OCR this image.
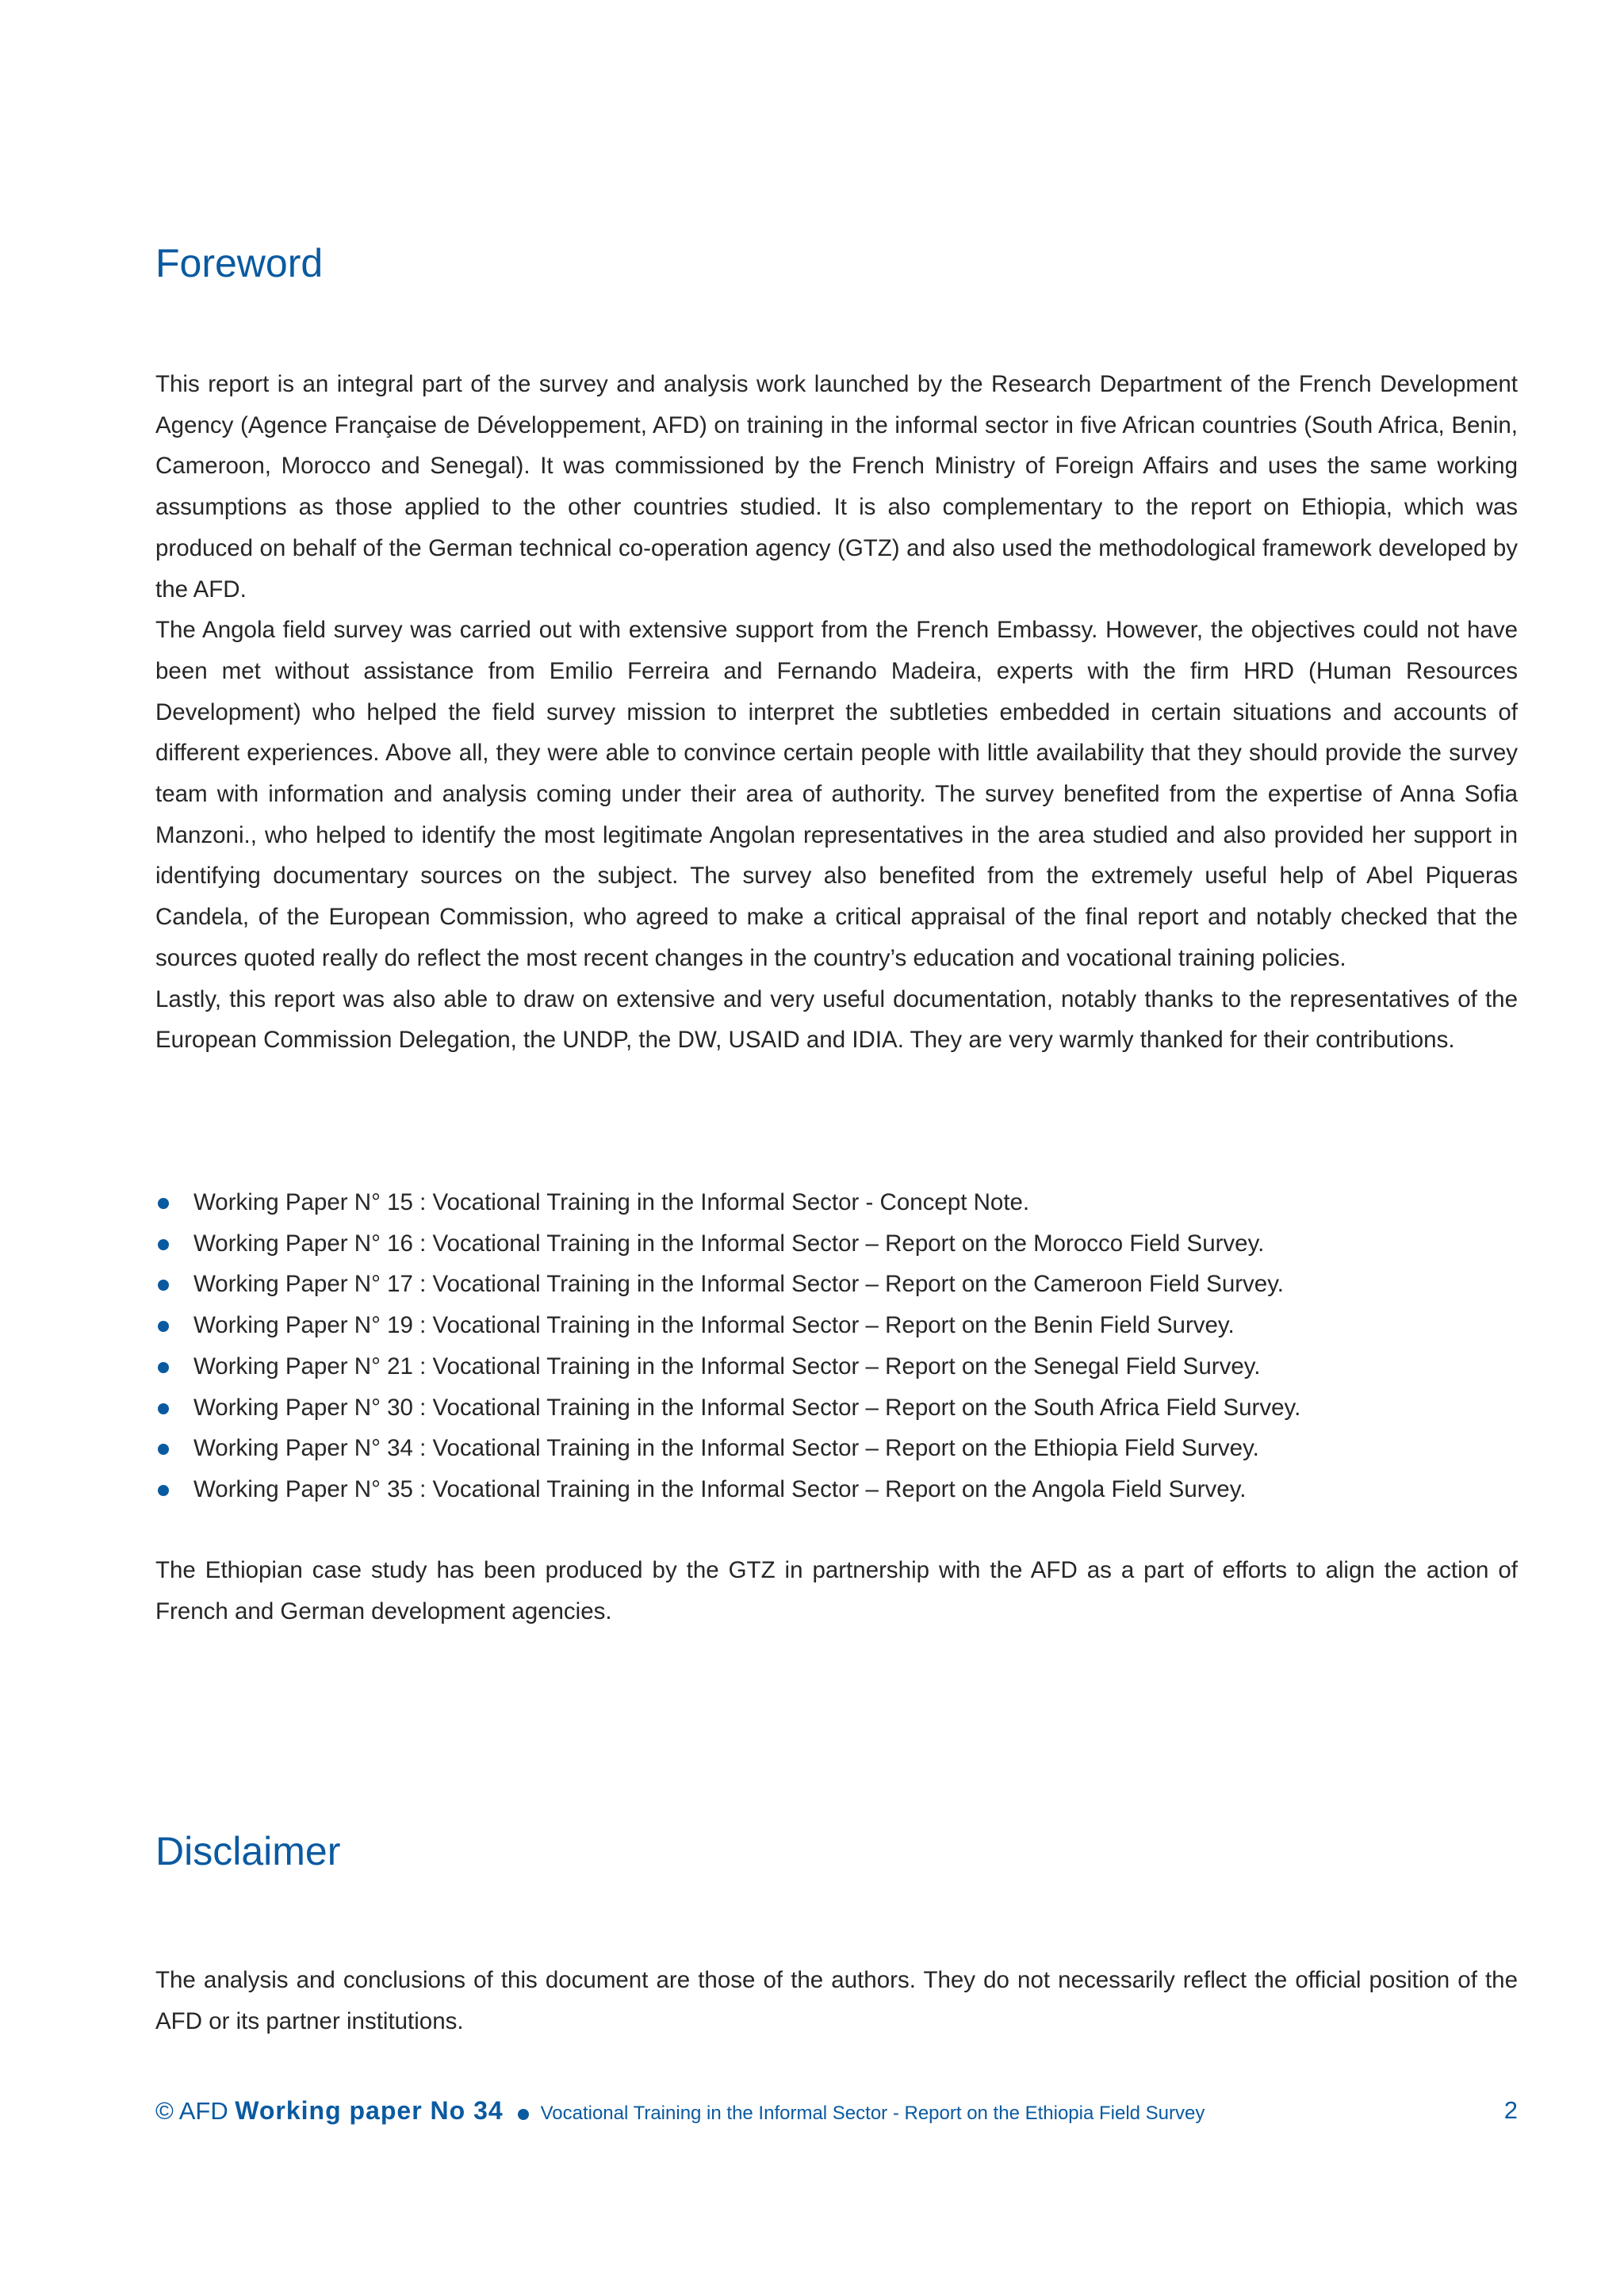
Foreword

This report is an integral part of the survey and analysis work launched by the Research Department of the French Development Agency (Agence Française de Développement, AFD) on training in the informal sector in five African countries (South Africa, Benin, Cameroon, Morocco and Senegal). It was commissioned by the French Ministry of Foreign Affairs and uses the same working assumptions as those applied to the other countries studied. It is also complementary to the report on Ethiopia, which was produced on behalf of the German technical co-operation agency (GTZ) and also used the methodological framework developed by the AFD.

The Angola field survey was carried out with extensive support from the French Embassy. However, the objectives could not have been met without assistance from Emilio Ferreira and Fernando Madeira, experts with the firm HRD (Human Resources Development) who helped the field survey mission to interpret the subtleties embedded in certain situations and accounts of different experiences. Above all, they were able to convince certain people with little availability that they should provide the survey team with information and analysis coming under their area of authority. The survey benefited from the expertise of Anna Sofia Manzoni., who helped to identify the most legitimate Angolan representatives in the area studied and also provided her support in identifying documentary sources on the subject. The survey also benefited from the extremely useful help of Abel Piqueras Candela, of the European Commission, who agreed to make a critical appraisal of the final report and notably checked that the sources quoted really do reflect the most recent changes in the country’s education and vocational training policies.

Lastly, this report was also able to draw on extensive and very useful documentation, notably thanks to the representatives of the European Commission Delegation, the UNDP, the DW, USAID and IDIA. They are very warmly thanked for their contributions.

Working Paper N° 15 : Vocational Training in the Informal Sector - Concept Note.
Working Paper N° 16 : Vocational Training in the Informal Sector – Report on the Morocco Field Survey.
Working Paper N° 17 : Vocational Training in the Informal Sector – Report on the Cameroon Field Survey.
Working Paper N° 19 : Vocational Training in the Informal Sector – Report on the Benin Field Survey.
Working Paper N° 21 : Vocational Training in the Informal Sector – Report on the Senegal Field Survey.
Working Paper N° 30 : Vocational Training in the Informal Sector – Report on the South Africa Field Survey.
Working Paper N° 34 : Vocational Training in the Informal Sector – Report on the Ethiopia Field Survey.
Working Paper N° 35 : Vocational Training in the Informal Sector – Report on the Angola Field Survey.

The Ethiopian case study has been produced by the GTZ in partnership with the AFD as a part of efforts to align the action of French and German development agencies.

Disclaimer

The analysis and conclusions of this document are those of the authors. They do not necessarily reflect the official position of the AFD or its partner institutions.

© AFD Working paper No 34 Vocational Training in the Informal Sector - Report on the Ethiopia Field Survey	2
